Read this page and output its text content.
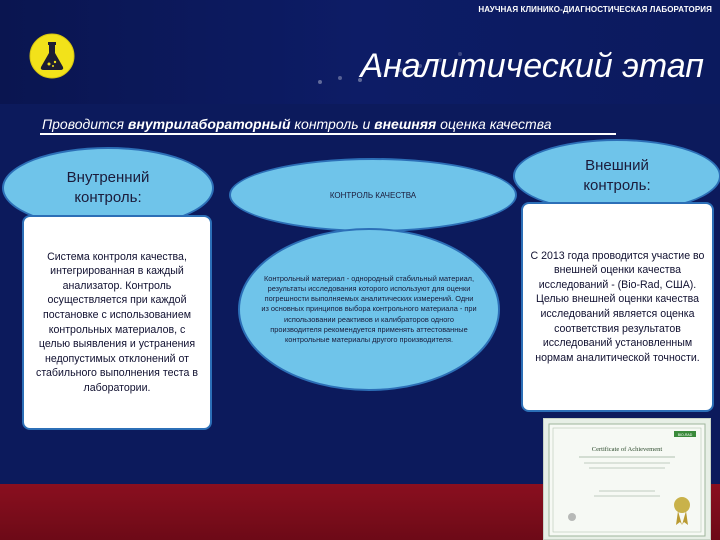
НАУЧНАЯ КЛИНИКО-ДИАГНОСТИЧЕСКАЯ ЛАБОРАТОРИЯ
Аналитический этап
Проводится внутрилабораторный контроль и внешняя оценка качества
Внутренний
контроль:	КОНТРОЛЬ КАЧЕСТВА
Внешний
контроль:
Система контроля качества, интегрированная в каждый анализатор. Контроль осуществляется при каждой постановке с использованием контрольных материалов, с целью выявления и устранения недопустимых отклонений от стабильного выполнения теста в лаборатории.
Контрольный материал - однородный стабильный материал, результаты исследования которого используют для оценки погрешности выполняемых аналитических измерений. Одни из основных принципов выбора контрольного материала - при использовании реактивов и калибраторов одного производителя рекомендуется применять аттестованные контрольные материалы другого производителя.
С 2013 года проводится участие во внешней оценки качества исследований - (Bio-Rad, США). Целью внешней оценки качества исследований является оценка соответствия результатов исследований установленным нормам аналитической точности.
Certificate of Achievement
BIO-RAD
